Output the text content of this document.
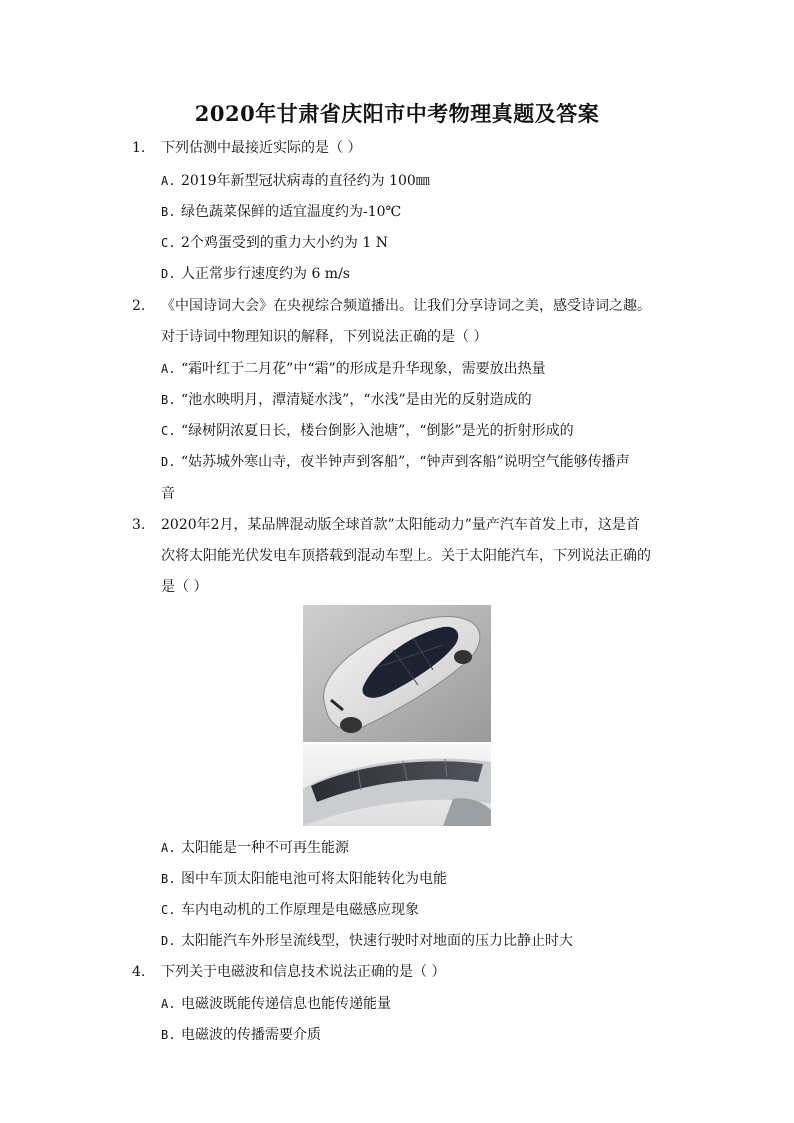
2020年甘肃省庆阳市中考物理真题及答案
1. 下列估测中最接近实际的是（ ）
A. 2019年新型冠状病毒的直径约为 100㎜
B. 绿色蔬菜保鲜的适宜温度约为-10℃
C. 2个鸡蛋受到的重力大小约为 1 N
D. 人正常步行速度约为 6 m/s
2. 《中国诗词大会》在央视综合频道播出。让我们分享诗词之美，感受诗词之趣。
对于诗词中物理知识的解释，下列说法正确的是（ ）
A. “霜叶红于二月花”中“霜”的形成是升华现象，需要放出热量
B. “池水映明月，潭清疑水浅”，“水浅”是由光的反射造成的
C. “绿树阴浓夏日长，楼台倒影入池塘”，“倒影”是光的折射形成的
D. “姑苏城外寒山寺，夜半钟声到客船”，“钟声到客船”说明空气能够传播声
音
3. 2020年2月，某品牌混动版全球首款”太阳能动力”量产汽车首发上市，这是首
次将太阳能光伏发电车顶搭载到混动车型上。关于太阳能汽车，下列说法正确的
是（ ）
A. 太阳能是一种不可再生能源
B. 图中车顶太阳能电池可将太阳能转化为电能
C. 车内电动机的工作原理是电磁感应现象
D. 太阳能汽车外形呈流线型，快速行驶时对地面的压力比静止时大
4. 下列关于电磁波和信息技术说法正确的是（ ）
A. 电磁波既能传递信息也能传递能量
B. 电磁波的传播需要介质
